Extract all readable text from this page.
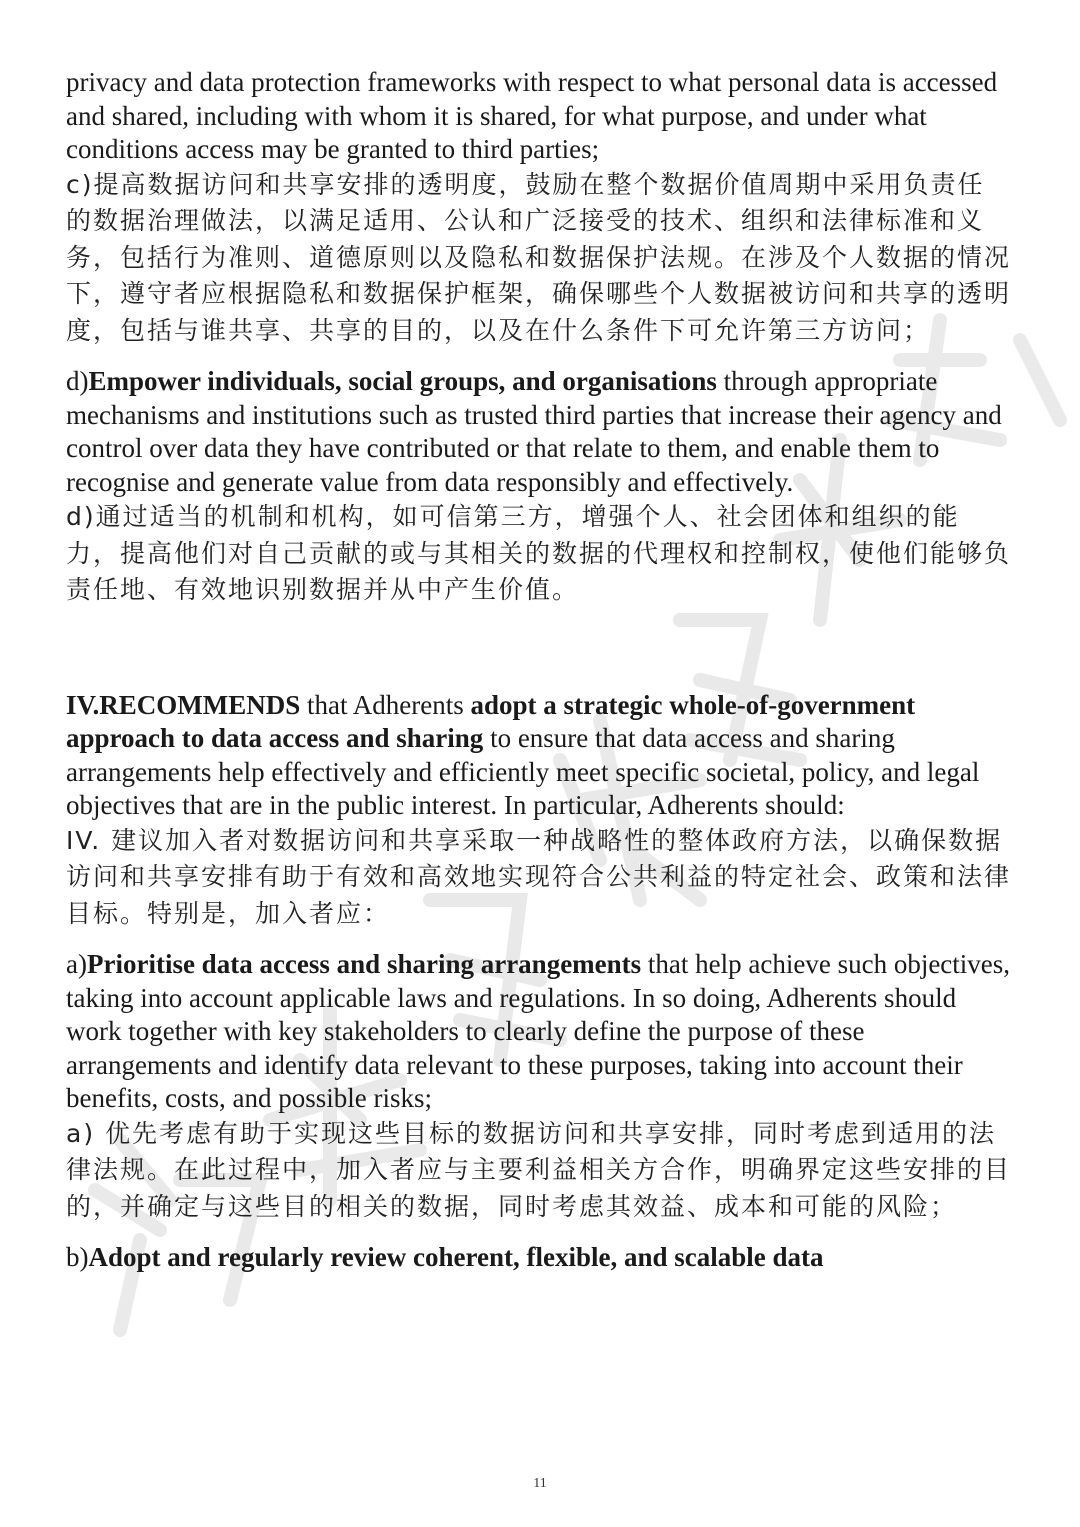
privacy and data protection frameworks with respect to what personal data is accessed and shared, including with whom it is shared, for what purpose, and under what conditions access may be granted to third parties;

c)提高数据访问和共享安排的透明度，鼓励在整个数据价值周期中采用负责任的数据治理做法，以满足适用、公认和广泛接受的技术、组织和法律标准和义务，包括行为准则、道德原则以及隐私和数据保护法规。在涉及个人数据的情况下，遵守者应根据隐私和数据保护框架，确保哪些个人数据被访问和共享的透明度，包括与谁共享、共享的目的，以及在什么条件下可允许第三方访问；

d)Empower individuals, social groups, and organisations through appropriate mechanisms and institutions such as trusted third parties that increase their agency and control over data they have contributed or that relate to them, and enable them to recognise and generate value from data responsibly and effectively.

d)通过适当的机制和机构，如可信第三方，增强个人、社会团体和组织的能力，提高他们对自己贡献的或与其相关的数据的代理权和控制权，使他们能够负责任地、有效地识别数据并从中产生价值。

IV.RECOMMENDS that Adherents adopt a strategic whole-of-government approach to data access and sharing to ensure that data access and sharing arrangements help effectively and efficiently meet specific societal, policy, and legal objectives that are in the public interest. In particular, Adherents should:

IV. 建议加入者对数据访问和共享采取一种战略性的整体政府方法，以确保数据访问和共享安排有助于有效和高效地实现符合公共利益的特定社会、政策和法律目标。特别是，加入者应：

a)Prioritise data access and sharing arrangements that help achieve such objectives, taking into account applicable laws and regulations. In so doing, Adherents should work together with key stakeholders to clearly define the purpose of these arrangements and identify data relevant to these purposes, taking into account their benefits, costs, and possible risks;

a) 优先考虑有助于实现这些目标的数据访问和共享安排，同时考虑到适用的法律法规。在此过程中，加入者应与主要利益相关方合作，明确界定这些安排的目的，并确定与这些目的相关的数据，同时考虑其效益、成本和可能的风险；

b)Adopt and regularly review coherent, flexible, and scalable data

11
